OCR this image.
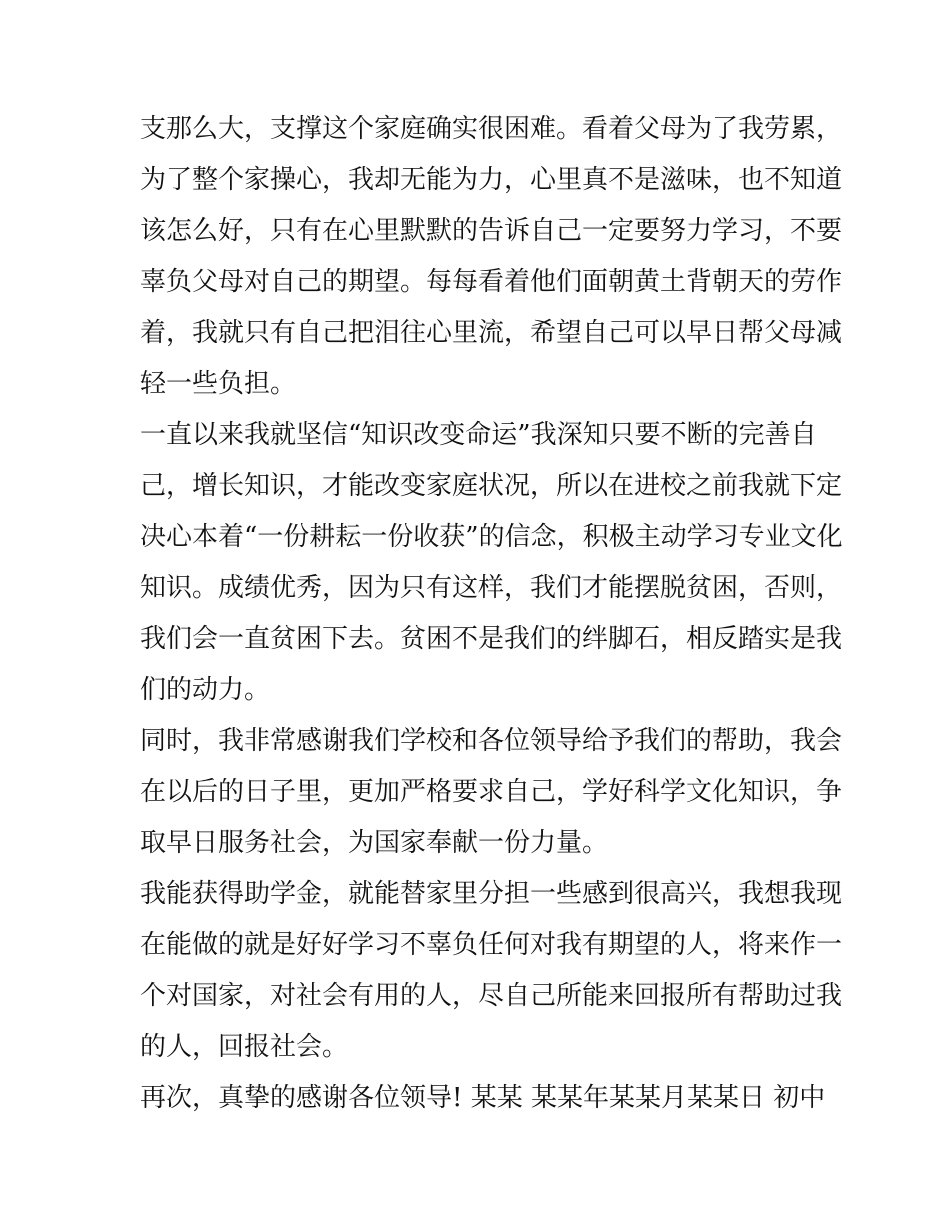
支那么大，支撑这个家庭确实很困难。看着父母为了我劳累，
为了整个家操心，我却无能为力，心里真不是滋味，也不知道
该怎么好，只有在心里默默的告诉自己一定要努力学习，不要
辜负父母对自己的期望。每每看着他们面朝黄土背朝天的劳作
着，我就只有自己把泪往心里流，希望自己可以早日帮父母减
轻一些负担。
一直以来我就坚信“知识改变命运”我深知只要不断的完善自
己，增长知识，才能改变家庭状况，所以在进校之前我就下定
决心本着“一份耕耘一份收获”的信念，积极主动学习专业文化
知识。成绩优秀，因为只有这样，我们才能摆脱贫困，否则，
我们会一直贫困下去。贫困不是我们的绊脚石，相反踏实是我
们的动力。
同时，我非常感谢我们学校和各位领导给予我们的帮助，我会
在以后的日子里，更加严格要求自己，学好科学文化知识，争
取早日服务社会，为国家奉献一份力量。
我能获得助学金，就能替家里分担一些感到很高兴，我想我现
在能做的就是好好学习不辜负任何对我有期望的人，将来作一
个对国家，对社会有用的人，尽自己所能来回报所有帮助过我
的人，回报社会。
再次，真挚的感谢各位领导! 某某 某某年某某月某某日 初中
